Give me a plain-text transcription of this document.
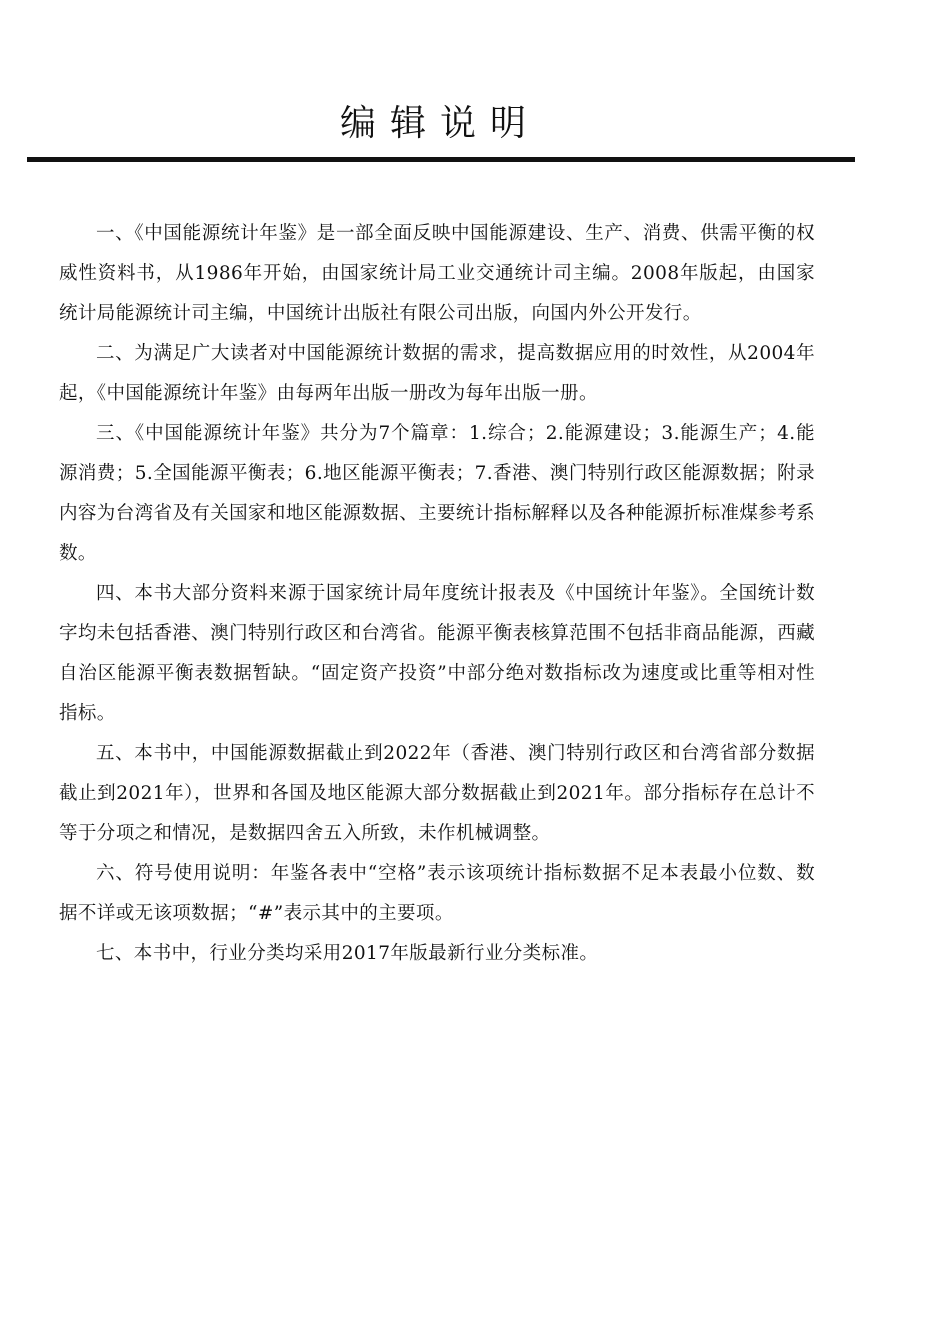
编辑说明

一、《中国能源统计年鉴》是一部全面反映中国能源建设、生产、消费、供需平衡的权威性资料书，从1986年开始，由国家统计局工业交通统计司主编。2008年版起，由国家统计局能源统计司主编，中国统计出版社有限公司出版，向国内外公开发行。

二、为满足广大读者对中国能源统计数据的需求，提高数据应用的时效性，从2004年起，《中国能源统计年鉴》由每两年出版一册改为每年出版一册。

三、《中国能源统计年鉴》共分为7个篇章：1.综合；2.能源建设；3.能源生产；4.能源消费；5.全国能源平衡表；6.地区能源平衡表；7.香港、澳门特别行政区能源数据；附录内容为台湾省及有关国家和地区能源数据、主要统计指标解释以及各种能源折标准煤参考系数。

四、本书大部分资料来源于国家统计局年度统计报表及《中国统计年鉴》。全国统计数字均未包括香港、澳门特别行政区和台湾省。能源平衡表核算范围不包括非商品能源，西藏自治区能源平衡表数据暂缺。“固定资产投资”中部分绝对数指标改为速度或比重等相对性指标。

五、本书中，中国能源数据截止到2022年（香港、澳门特别行政区和台湾省部分数据截止到2021年），世界和各国及地区能源大部分数据截止到2021年。部分指标存在总计不等于分项之和情况，是数据四舍五入所致，未作机械调整。

六、符号使用说明：年鉴各表中“空格”表示该项统计指标数据不足本表最小位数、数据不详或无该项数据；“#”表示其中的主要项。

七、本书中，行业分类均采用2017年版最新行业分类标准。
